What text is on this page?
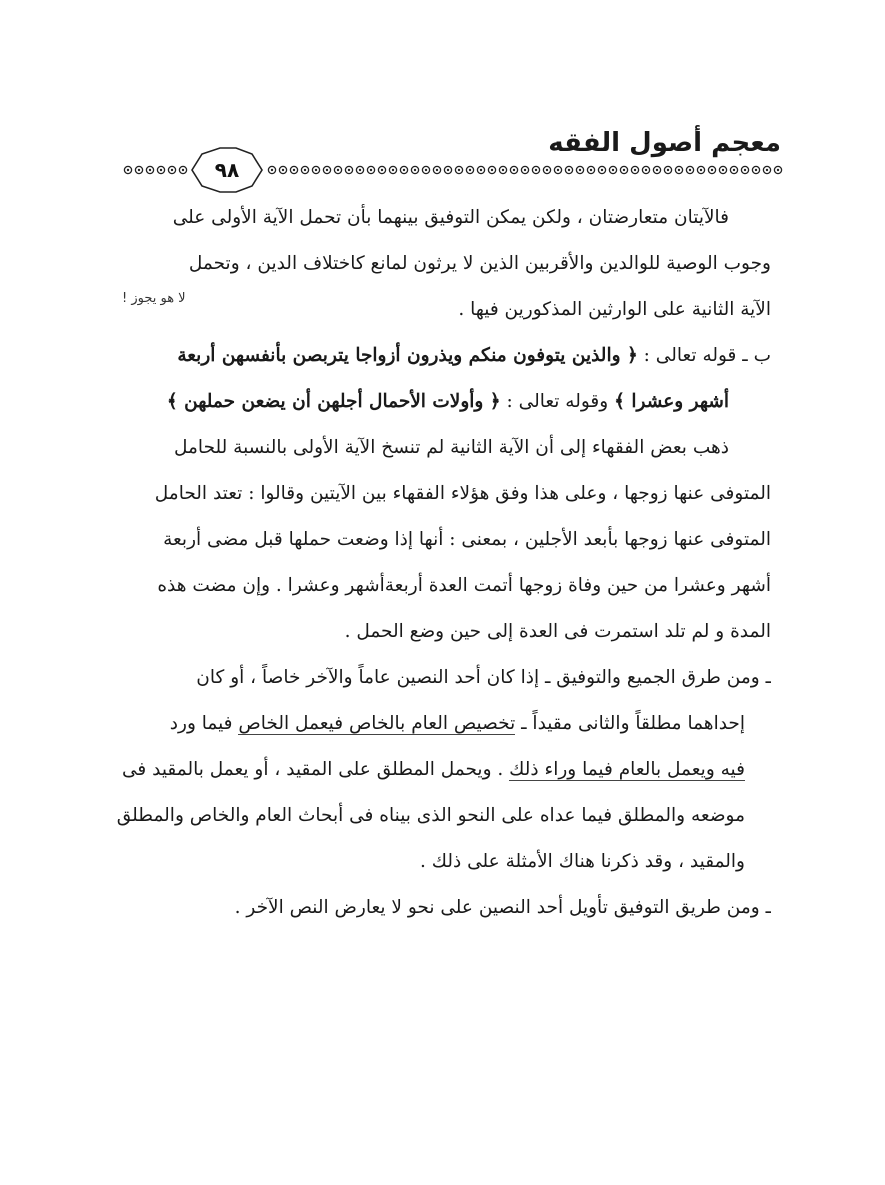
معجم أصول الفقه
٩٨
لا هو يجوز !
فالآيتان متعارضتان ، ولكن يمكن التوفيق بينهما بأن تحمل الآية الأولى على
وجوب الوصية للوالدين والأقربين الذين لا يرثون لمانع كاختلاف الدين ، وتحمل
الآية الثانية على الوارثين المذكورين فيها .
ب ـ قوله تعالى : ﴿ والذين يتوفون منكم ويذرون أزواجا يتربصن بأنفسهن أربعة
أشهر وعشرا ﴾ وقوله تعالى : ﴿ وأولات الأحمال أجلهن أن يضعن حملهن ﴾
ذهب بعض الفقهاء إلى أن الآية الثانية لم تنسخ الآية الأولى بالنسبة للحامل
المتوفى عنها زوجها ، وعلى هذا وفق هؤلاء الفقهاء بين الآيتين وقالوا : تعتد الحامل
المتوفى عنها زوجها بأبعد الأجلين ، بمعنى : أنها إذا وضعت حملها قبل مضى أربعة
أشهر وعشرا من حين وفاة زوجها أتمت العدة أربعةأشهر وعشرا . وإن مضت هذه
المدة و لم تلد استمرت فى العدة إلى حين وضع الحمل .
ـ ومن طرق الجميع والتوفيق ـ إذا كان أحد النصين عاماً والآخر خاصاً ، أو كان
إحداهما مطلقاً والثانى مقيداً ـ تخصيص العام بالخاص فيعمل الخاص فيما ورد
فيه ويعمل بالعام فيما وراء ذلك . ويحمل المطلق على المقيد ، أو يعمل بالمقيد فى
موضعه والمطلق فيما عداه على النحو الذى بيناه فى أبحاث العام والخاص والمطلق
والمقيد ، وقد ذكرنا هناك الأمثلة على ذلك .
ـ ومن طريق التوفيق تأويل أحد النصين على نحو لا يعارض النص الآخر .
